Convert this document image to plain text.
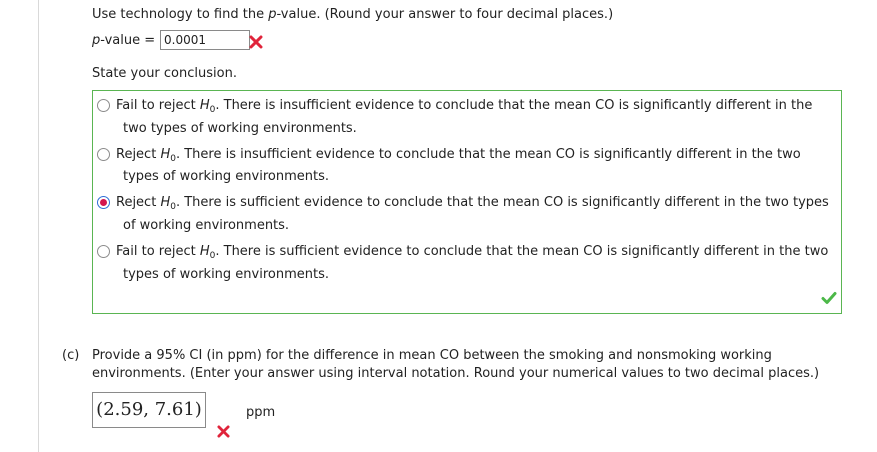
Use technology to find the p-value. (Round your answer to four decimal places.)
p-value = 0.0001
State your conclusion.
Fail to reject $H_0$. There is insufficient evidence to conclude that the mean CO is significantly different in the
two types of working environments.
Reject $H_0$. There is insufficient evidence to conclude that the mean CO is significantly different in the two
types of working environments.
Reject $H_0$. There is sufficient evidence to conclude that the mean CO is significantly different in the two types
of working environments.
Fail to reject $H_0$. There is sufficient evidence to conclude that the mean CO is significantly different in the two
types of working environments.
(c) Provide a 95% CI (in ppm) for the difference in mean CO between the smoking and nonsmoking working
environments. (Enter your answer using interval notation. Round your numerical values to two decimal places.)
(2.59, 7.61)	ppm
